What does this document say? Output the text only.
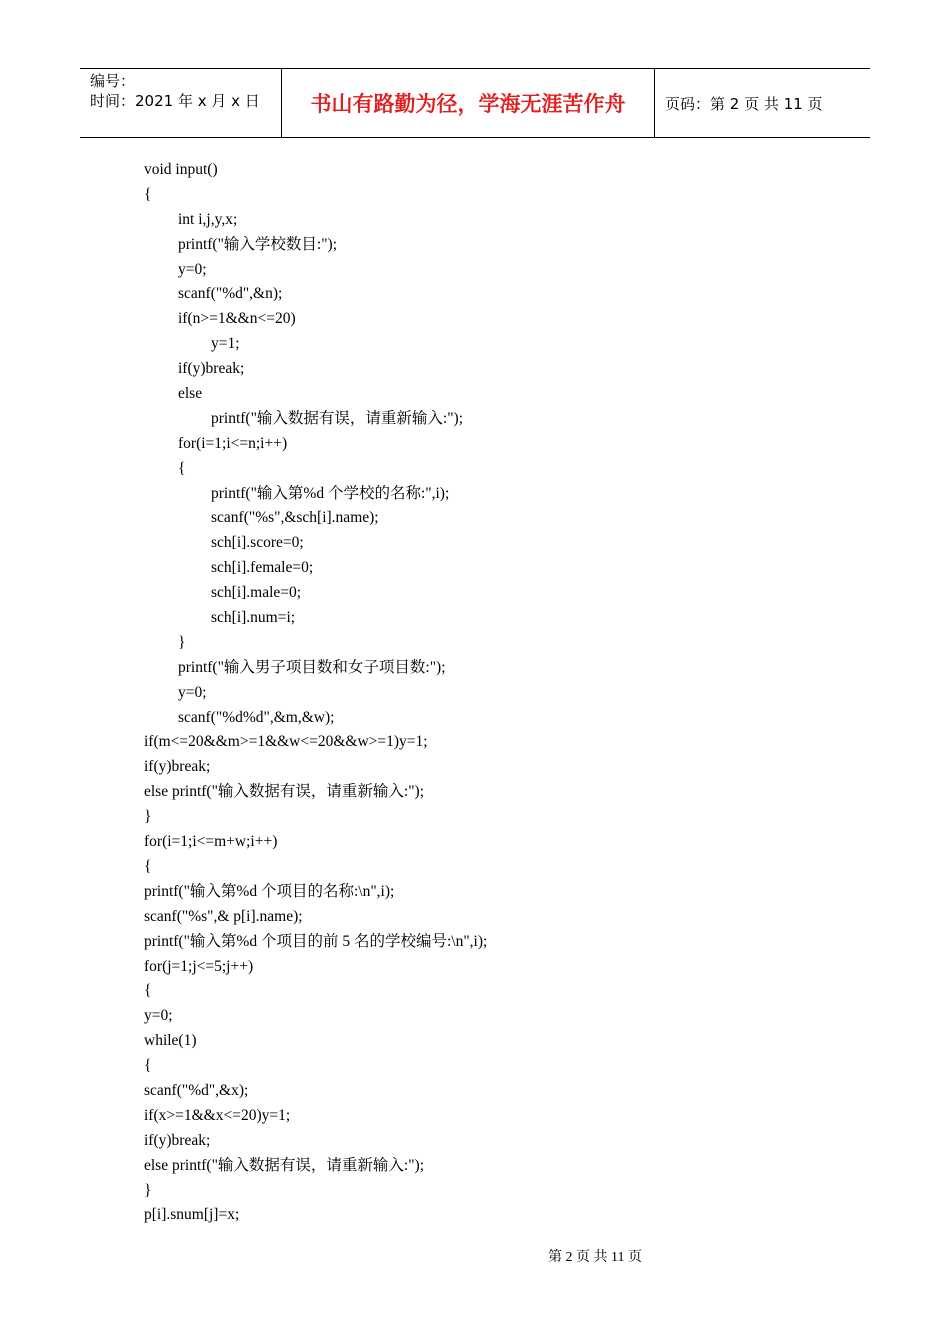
编号：
时间：2021 年 x 月 x 日	书山有路勤为径，学海无涯苦作舟	页码：第 2 页 共 11 页
void input()
{
int i,j,y,x;
printf("输入学校数目:");
y=0;
scanf("%d",&n);
if(n>=1&&n<=20)
y=1;
if(y)break;
else
printf("输入数据有误，请重新输入:");
for(i=1;i<=n;i++)
{
printf("输入第%d 个学校的名称:",i);
scanf("%s",&sch[i].name);
sch[i].score=0;
sch[i].female=0;
sch[i].male=0;
sch[i].num=i;
}
printf("输入男子项目数和女子项目数:");
y=0;
scanf("%d%d",&m,&w);
if(m<=20&&m>=1&&w<=20&&w>=1)y=1;
if(y)break;
else printf("输入数据有误，请重新输入:");
}
for(i=1;i<=m+w;i++)
{
printf("输入第%d 个项目的名称:\n",i);
scanf("%s",& p[i].name);
printf("输入第%d 个项目的前 5 名的学校编号:\n",i);
for(j=1;j<=5;j++)
{
y=0;
while(1)
{
scanf("%d",&x);
if(x>=1&&x<=20)y=1;
if(y)break;
else printf("输入数据有误，请重新输入:");
}
p[i].snum[j]=x;
第 2 页 共 11 页
